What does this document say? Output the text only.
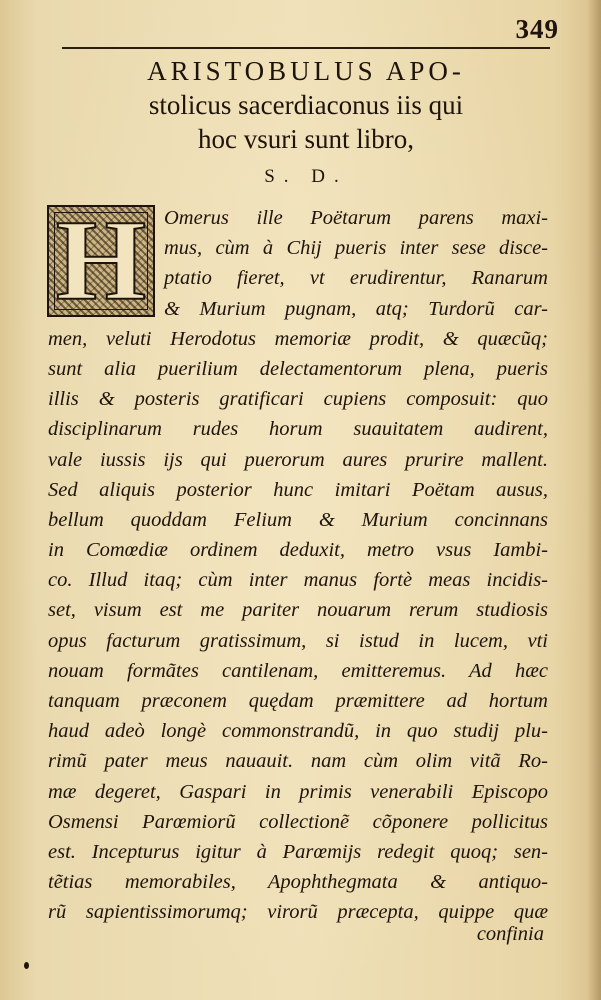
349
ARISTOBULUS APO-
stolicus sacerdiaconus iis qui
hoc vsuri sunt libro,
S. D.
H Omerus ille Poëtarum parens maxi-
mus, cùm à Chij pueris inter sese disce-
ptatio fieret, vt erudirentur, Ranarum
& Murium pugnam, atq; Turdorũ car-
men, veluti Herodotus memoriæ prodit, & quæcũq;
sunt alia puerilium delectamentorum plena, pueris
illis & posteris gratificari cupiens composuit: quo
disciplinarum rudes horum suauitatem audirent,
vale iussis ijs qui puerorum aures prurire mallent.
Sed aliquis posterior hunc imitari Poëtam ausus,
bellum quoddam Felium & Murium concinnans
in Comœdiæ ordinem deduxit, metro vsus Iambi-
co. Illud itaq; cùm inter manus fortè meas incidis-
set, visum est me pariter nouarum rerum studiosis
opus facturum gratissimum, si istud in lucem, vti
nouam formãtes cantilenam, emitteremus. Ad hæc
tanquam præconem quędam præmittere ad hortum
haud adeò longè commonstrandũ, in quo studij plu-
rimũ pater meus nauauit. nam cùm olim vitã Ro-
mæ degeret, Gaspari in primis venerabili Episcopo
Osmensi Parœmiorũ collectionẽ cõponere pollicitus
est. Incepturus igitur à Parœmijs redegit quoq; sen-
tẽtias memorabiles, Apophthegmata & antiquo-
rũ sapientissimorumq; virorũ præcepta, quippe quæ
confinia
